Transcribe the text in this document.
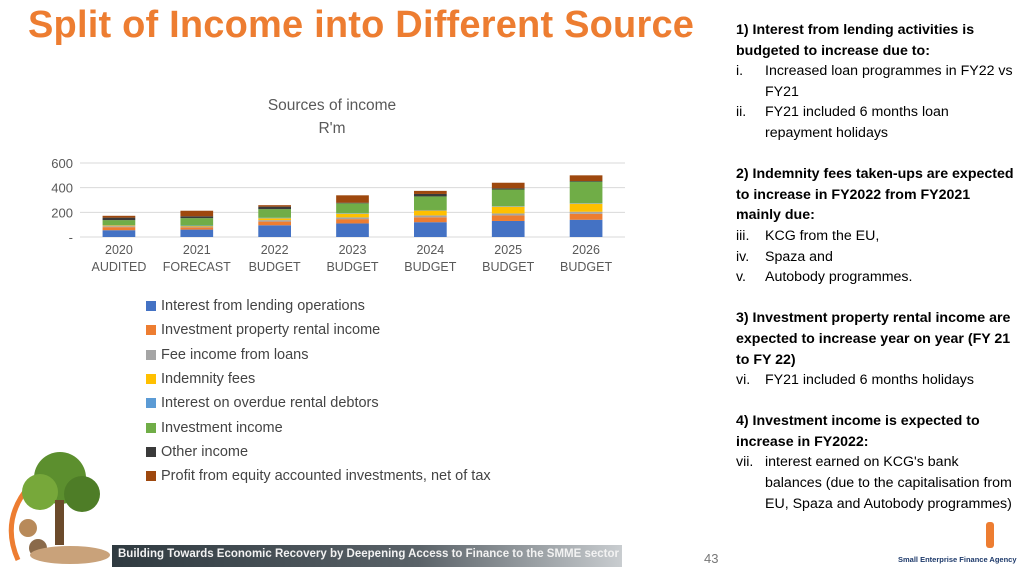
Split of Income into Different Source
Sources of income
R'm
-
200
400
600
2020
AUDITED
2021
FORECAST
2022
BUDGET
2023
BUDGET
2024
BUDGET
2025
BUDGET
2026
BUDGET
Interest from lending operations
Investment property rental income
Fee income from loans
Indemnity fees
Interest on overdue rental debtors
Investment income
Other income
Profit from equity accounted investments, net of tax
1) Interest from lending activities is budgeted to increase due to:
i.	Increased loan programmes in FY22 vs FY21
ii.	FY21 included 6 months loan repayment holidays
2) Indemnity fees taken-ups are expected to increase in FY2022 from FY2021 mainly due:
iii.	KCG from the EU,
iv.	Spaza and
v.	Autobody programmes.
3) Investment property rental income are expected to increase year on year (FY 21 to FY 22)
vi.	FY21 included 6 months holidays
4) Investment income is expected to increase in FY2022:
vii. interest earned on KCG's bank balances (due to the capitalisation from EU, Spaza and Autobody programmes)
Building Towards Economic Recovery by Deepening Access to Finance to the SMME sector	43	Small Enterprise Finance Agency
